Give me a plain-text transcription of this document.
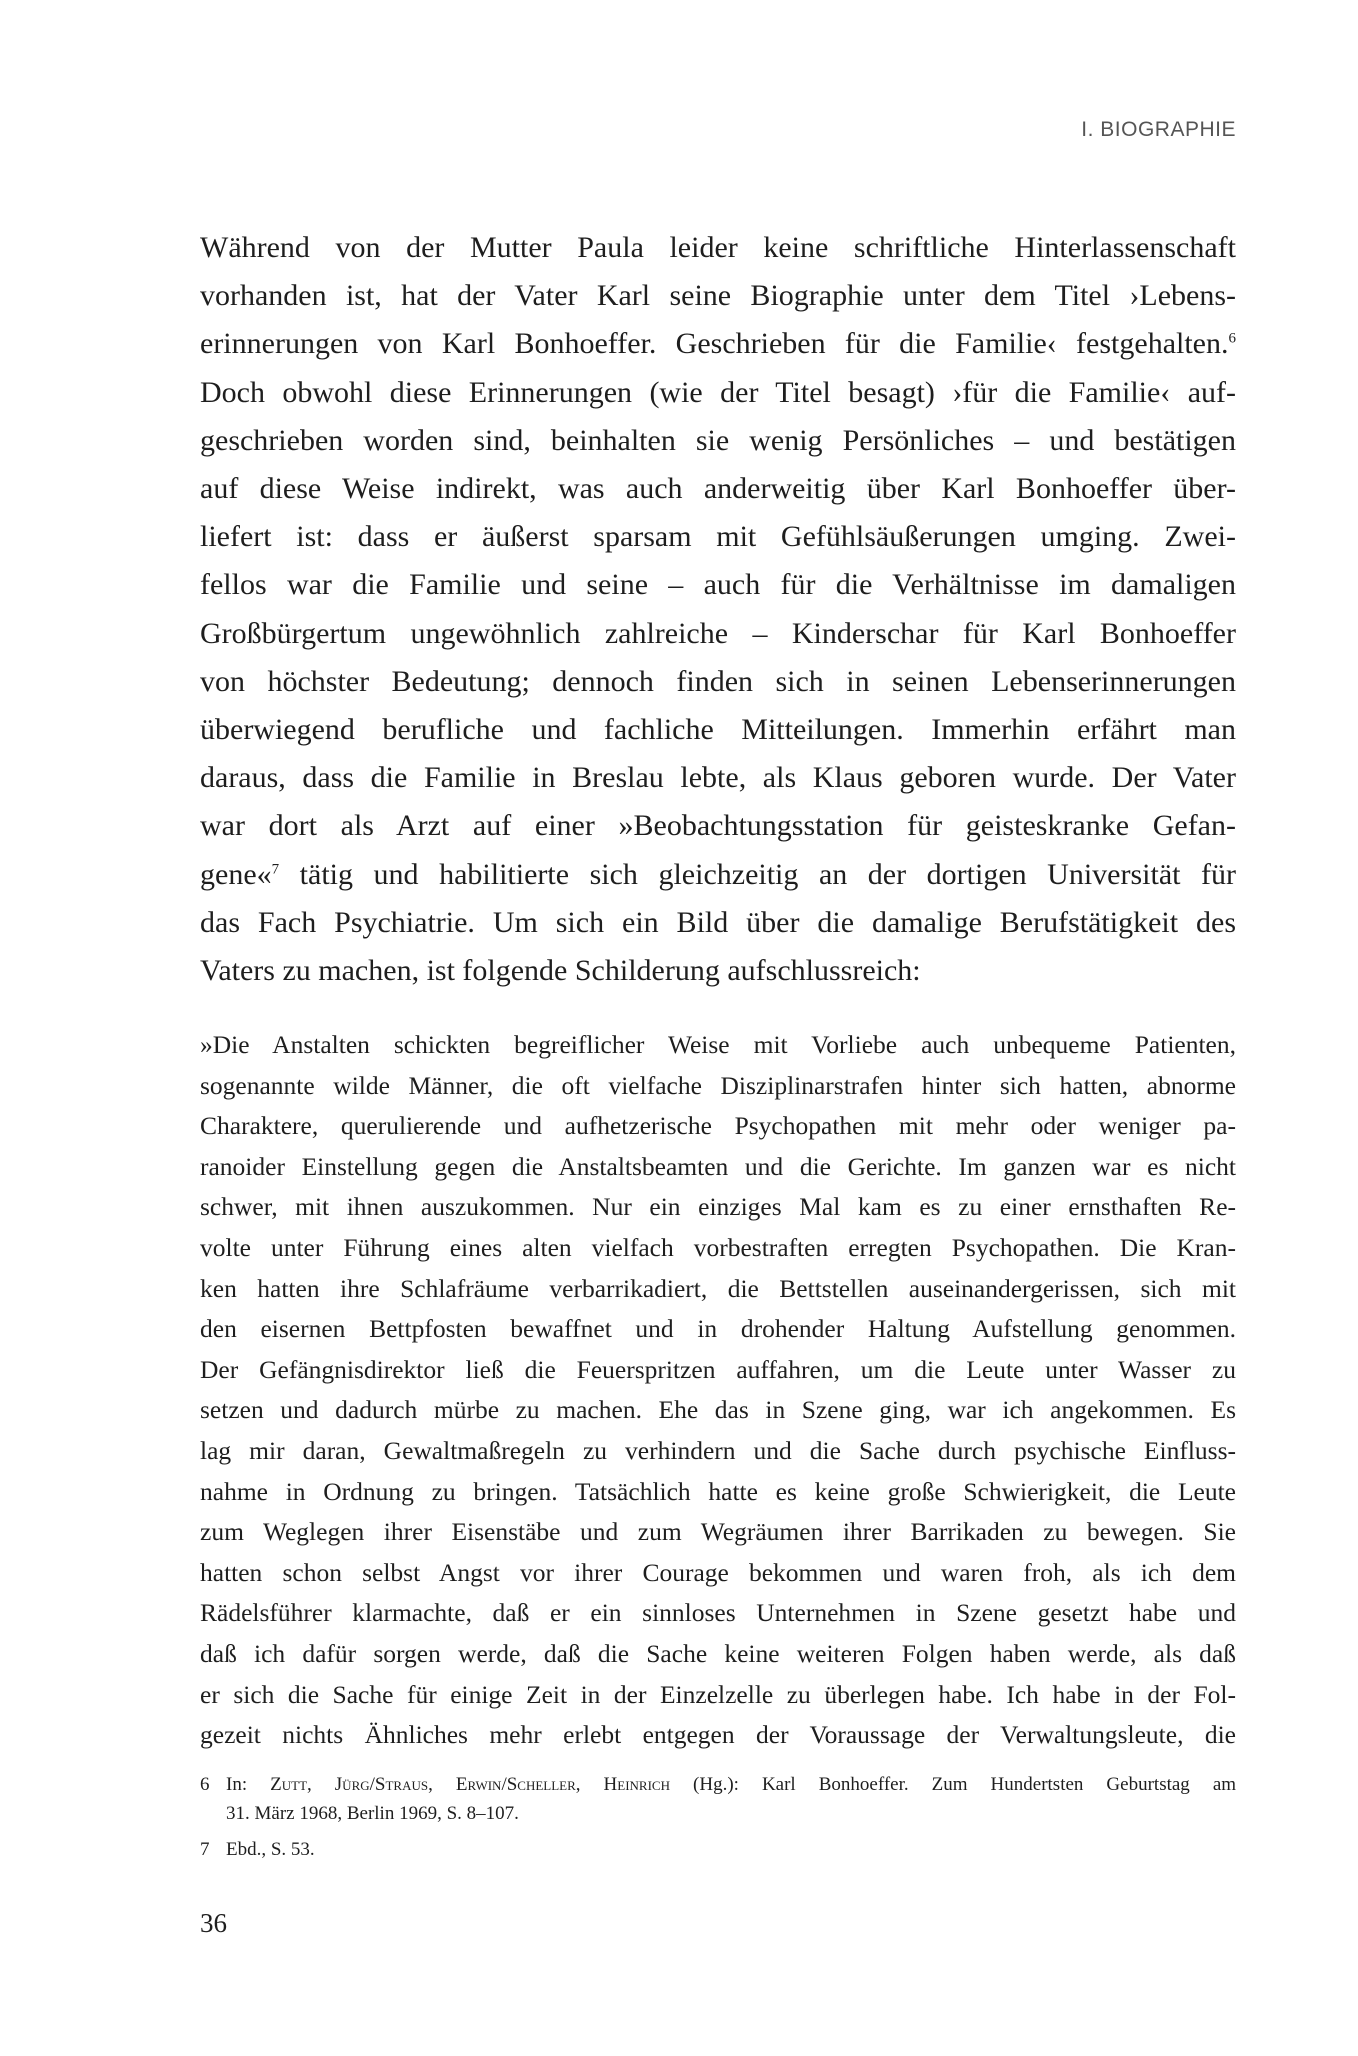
I. BIOGRAPHIE
Während von der Mutter Paula leider keine schriftliche Hinterlassenschaft
vorhanden ist, hat der Vater Karl seine Biographie unter dem Titel ›Lebens-
erinnerungen von Karl Bonhoeffer. Geschrieben für die Familie‹ festgehalten.$^6$
Doch obwohl diese Erinnerungen (wie der Titel besagt) ›für die Familie‹ auf-
geschrieben worden sind, beinhalten sie wenig Persönliches – und bestätigen
auf diese Weise indirekt, was auch anderweitig über Karl Bonhoeffer über-
liefert ist: dass er äußerst sparsam mit Gefühlsäußerungen umging. Zwei-
fellos war die Familie und seine – auch für die Verhältnisse im damaligen
Großbürgertum ungewöhnlich zahlreiche – Kinderschar für Karl Bonhoeffer
von höchster Bedeutung; dennoch finden sich in seinen Lebenserinnerungen
überwiegend berufliche und fachliche Mitteilungen. Immerhin erfährt man
daraus, dass die Familie in Breslau lebte, als Klaus geboren wurde. Der Vater
war dort als Arzt auf einer »Beobachtungsstation für geisteskranke Gefan-
gene«$^7$ tätig und habilitierte sich gleichzeitig an der dortigen Universität für
das Fach Psychiatrie. Um sich ein Bild über die damalige Berufstätigkeit des
Vaters zu machen, ist folgende Schilderung aufschlussreich:
»Die Anstalten schickten begreiflicher Weise mit Vorliebe auch unbequeme Patienten,
sogenannte wilde Männer, die oft vielfache Disziplinarstrafen hinter sich hatten, abnorme
Charaktere, querulierende und aufhetzerische Psychopathen mit mehr oder weniger pa-
ranoider Einstellung gegen die Anstaltsbeamten und die Gerichte. Im ganzen war es nicht
schwer, mit ihnen auszukommen. Nur ein einziges Mal kam es zu einer ernsthaften Re-
volte unter Führung eines alten vielfach vorbestraften erregten Psychopathen. Die Kran-
ken hatten ihre Schlafräume verbarrikadiert, die Bettstellen auseinandergerissen, sich mit
den eisernen Bettpfosten bewaffnet und in drohender Haltung Aufstellung genommen.
Der Gefängnisdirektor ließ die Feuerspritzen auffahren, um die Leute unter Wasser zu
setzen und dadurch mürbe zu machen. Ehe das in Szene ging, war ich angekommen. Es
lag mir daran, Gewaltmaßregeln zu verhindern und die Sache durch psychische Einfluss-
nahme in Ordnung zu bringen. Tatsächlich hatte es keine große Schwierigkeit, die Leute
zum Weglegen ihrer Eisenstäbe und zum Wegräumen ihrer Barrikaden zu bewegen. Sie
hatten schon selbst Angst vor ihrer Courage bekommen und waren froh, als ich dem
Rädelsführer klarmachte, daß er ein sinnloses Unternehmen in Szene gesetzt habe und
daß ich dafür sorgen werde, daß die Sache keine weiteren Folgen haben werde, als daß
er sich die Sache für einige Zeit in der Einzelzelle zu überlegen habe. Ich habe in der Fol-
gezeit nichts Ähnliches mehr erlebt entgegen der Voraussage der Verwaltungsleute, die
6 In: Zutt, Jürg/Straus, Erwin/Scheller, Heinrich (Hg.): Karl Bonhoeffer. Zum Hundertsten Geburtstag am
31. März 1968, Berlin 1969, S. 8–107.
7 Ebd., S. 53.
36
